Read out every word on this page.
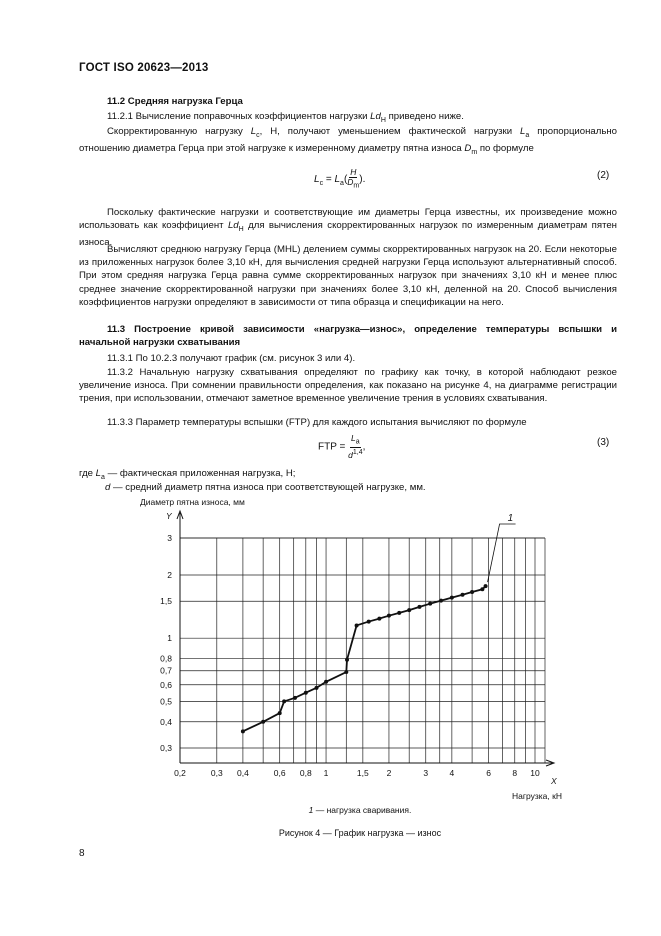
ГОСТ ISO 20623—2013
11.2 Средняя нагрузка Герца
11.2.1 Вычисление поправочных коэффициентов нагрузки $Ld_H$ приведено ниже.
Скорректированную нагрузку $L_c$, Н, получают уменьшением фактической нагрузки $L_a$ пропорционально отношению диаметра Герца при этой нагрузке к измеренному диаметру пятна износа $D_m$ по формуле
$L_c = L_a( \frac{H}{D_m}$ ).	(2)
Поскольку фактические нагрузки и соответствующие им диаметры Герца известны, их произведение можно использовать как коэффициент $Ld_H$ для вычисления скорректированных нагрузок по измеренным диаметрам пятен износа.
Вычисляют среднюю нагрузку Герца (MHL) делением суммы скорректированных нагрузок на 20. Если некоторые из приложенных нагрузок более 3,10 кН, для вычисления средней нагрузки Герца используют альтернативный способ. При этом средняя нагрузка Герца равна сумме скорректированных нагрузок при значениях 3,10 кН и менее плюс среднее значение скорректированной нагрузки при значениях более 3,10 кН, деленной на 20. Способ вычисления коэффициентов нагрузки определяют в зависимости от типа образца и спецификации на него.
11.3 Построение кривой зависимости «нагрузка—износ», определение температуры вспышки и начальной нагрузки схватывания
11.3.1 По 10.2.3 получают график (см. рисунок 3 или 4).
11.3.2 Начальную нагрузку схватывания определяют по графику как точку, в которой наблюдают резкое увеличение износа. При сомнении правильности определения, как показано на рисунке 4, на диаграмме регистрации трения, при использовании, отмечают заметное временное увеличение трения в условиях схватывания.
11.3.3 Параметр температуры вспышки (FTP) для каждого испытания вычисляют по формуле
FTP = $\frac{L_a}{d^{1,4}}$ ,	(3)
где $L_a$ — фактическая приложенная нагрузка, Н;
d — средний диаметр пятна износа при соответствующей нагрузке, мм.
0,2	0,3 0,4	0,6 0,8 1	1,5 2	3	4	6	8 10
0,3
0,4
0,5
0,6
0,7
0,8
1
1,5
2
3
Диаметр пятна износа, мм
Y
X
Нагрузка, кН
1
1 — нагрузка сваривания.
Рисунок 4 — График нагрузка — износ
8
